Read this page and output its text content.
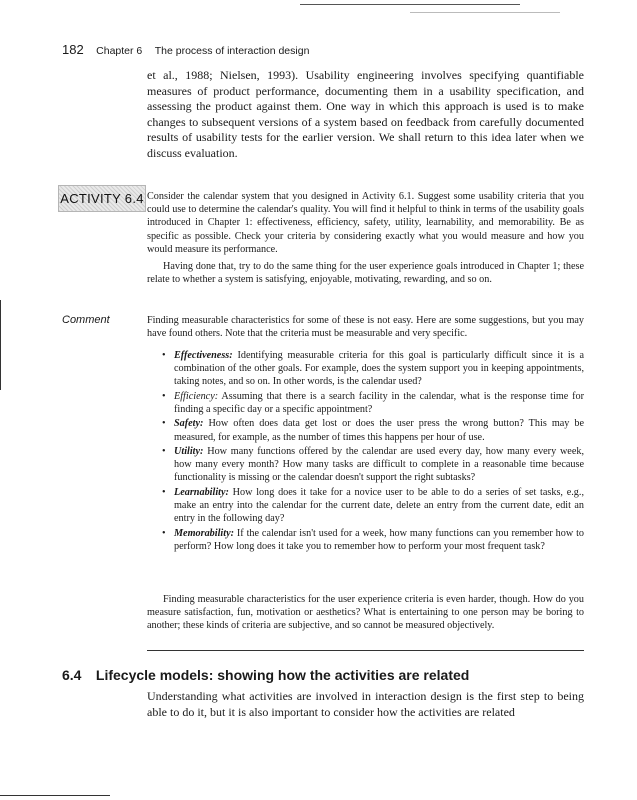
182 Chapter 6 The process of interaction design

et al., 1988; Nielsen, 1993). Usability engineering involves specifying quantifiable measures of product performance, documenting them in a usability specification, and assessing the product against them. One way in which this approach is used is to make changes to subsequent versions of a system based on feedback from carefully documented results of usability tests for the earlier version. We shall return to this idea later when we discuss evaluation.

ACTIVITY 6.4 Consider the calendar system that you designed in Activity 6.1. Suggest some usability criteria that you could use to determine the calendar's quality. You will find it helpful to think in terms of the usability goals introduced in Chapter 1: effectiveness, efficiency, safety, utility, learnability, and memorability. Be as specific as possible. Check your criteria by considering exactly what you would measure and how you would measure its performance.

Having done that, try to do the same thing for the user experience goals introduced in Chapter 1; these relate to whether a system is satisfying, enjoyable, motivating, rewarding, and so on.

Comment	Finding measurable characteristics for some of these is not easy. Here are some suggestions, but you may have found others. Note that the criteria must be measurable and very specific.

• Effectiveness: Identifying measurable criteria for this goal is particularly difficult since it is a combination of the other goals. For example, does the system support you in keeping appointments, taking notes, and so on. In other words, is the calendar used?
• Efficiency: Assuming that there is a search facility in the calendar, what is the response time for finding a specific day or a specific appointment?
• Safety: How often does data get lost or does the user press the wrong button? This may be measured, for example, as the number of times this happens per hour of use.
• Utility: How many functions offered by the calendar are used every day, how many every week, how many every month? How many tasks are difficult to complete in a reasonable time because functionality is missing or the calendar doesn't support the right subtasks?
• Learnability: How long does it take for a novice user to be able to do a series of set tasks, e.g., make an entry into the calendar for the current date, delete an entry from the current date, edit an entry in the following day?
• Memorability: If the calendar isn't used for a week, how many functions can you remember how to perform? How long does it take you to remember how to perform your most frequent task?

Finding measurable characteristics for the user experience criteria is even harder, though. How do you measure satisfaction, fun, motivation or aesthetics? What is entertaining to one person may be boring to another; these kinds of criteria are subjective, and so cannot be measured objectively.

6.4 Lifecycle models: showing how the activities are related

Understanding what activities are involved in interaction design is the first step to being able to do it, but it is also important to consider how the activities are related
